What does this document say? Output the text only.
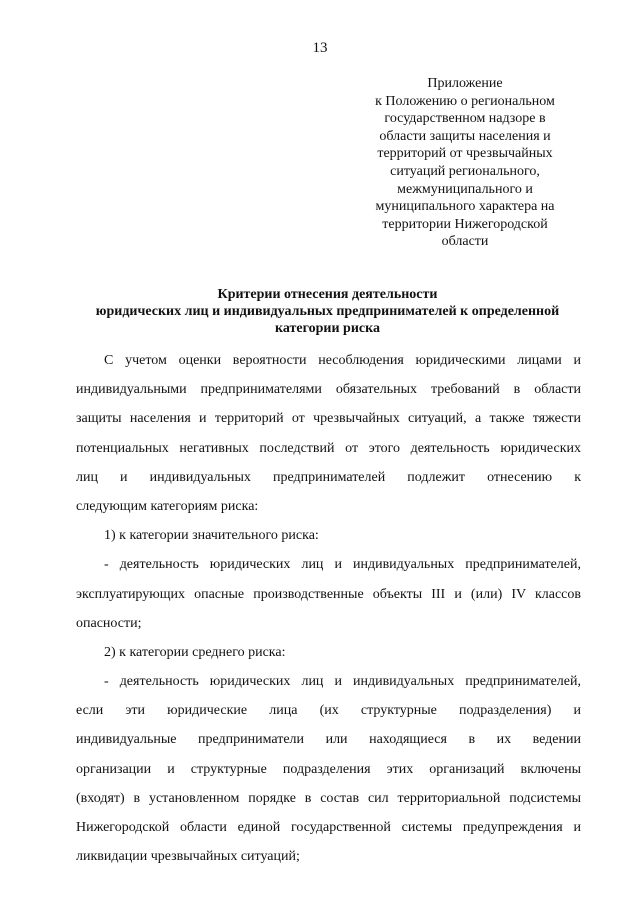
13
Приложение
к Положению о региональном
государственном надзоре в
области защиты населения и
территорий от чрезвычайных
ситуаций регионального,
межмуниципального и
муниципального характера на
территории Нижегородской
области
Критерии отнесения деятельности
юридических лиц и индивидуальных предпринимателей к определенной
категории риска
С учетом оценки вероятности несоблюдения юридическими лицами и
индивидуальными предпринимателями обязательных требований в области
защиты населения и территорий от чрезвычайных ситуаций, а также тяжести
потенциальных негативных последствий от этого деятельность юридических
лиц и индивидуальных предпринимателей подлежит отнесению к
следующим категориям риска:
1) к категории значительного риска:
- деятельность юридических лиц и индивидуальных предпринимателей,
эксплуатирующих опасные производственные объекты III и (или) IV классов
опасности;
2) к категории среднего риска:
- деятельность юридических лиц и индивидуальных предпринимателей,
если эти юридические лица (их структурные подразделения) и
индивидуальные предприниматели или находящиеся в их ведении
организации и структурные подразделения этих организаций включены
(входят) в установленном порядке в состав сил территориальной подсистемы
Нижегородской области единой государственной системы предупреждения и
ликвидации чрезвычайных ситуаций;
